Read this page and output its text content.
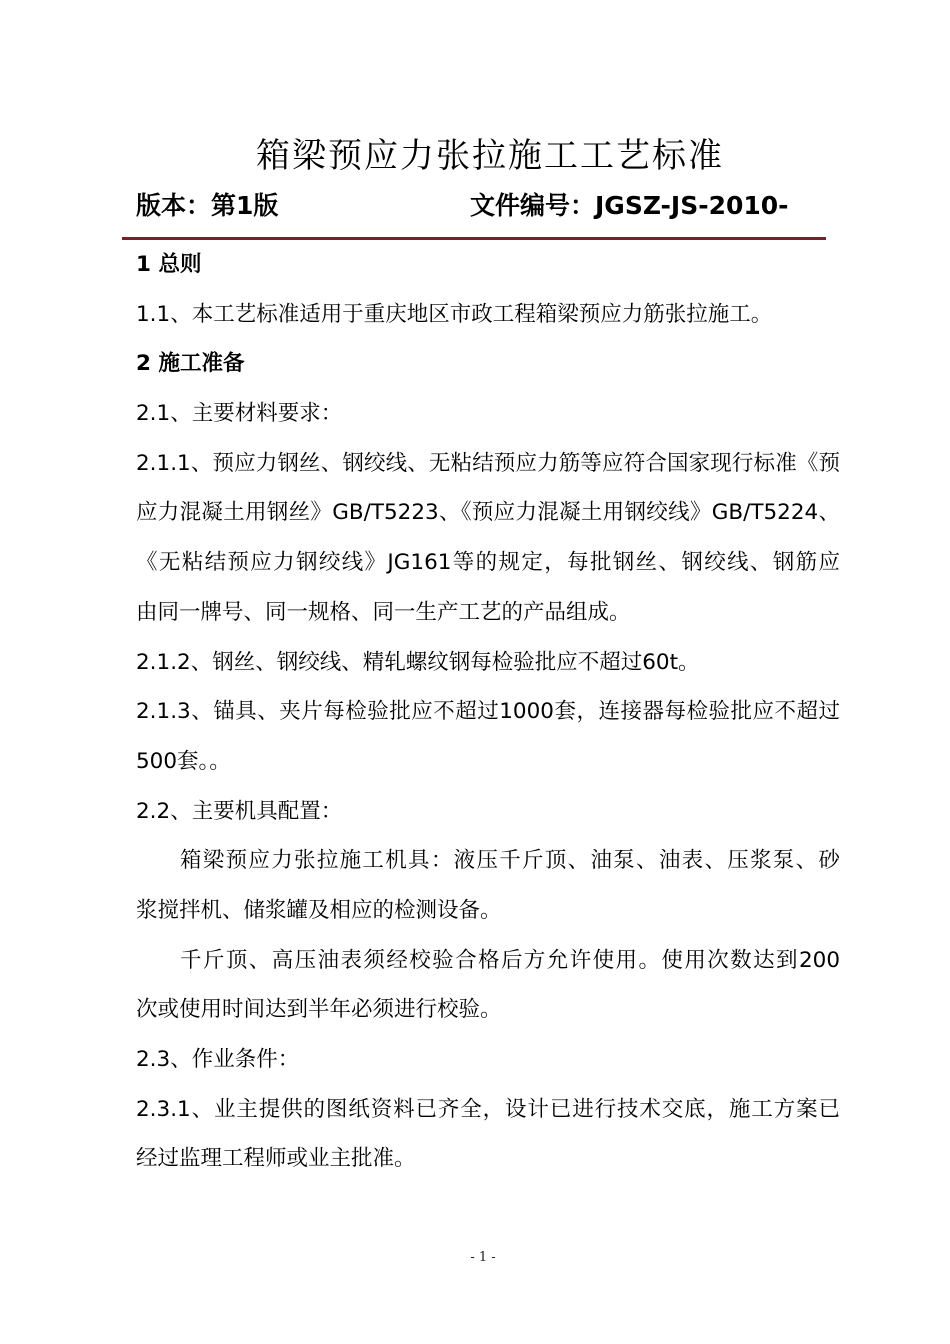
箱梁预应力张拉施工工艺标准
版本：第1版	文件编号：JGSZ-JS-2010-
1 总则
1.1、本工艺标准适用于重庆地区市政工程箱梁预应力筋张拉施工。
2 施工准备
2.1、主要材料要求：
2.1.1、预应力钢丝、钢绞线、无粘结预应力筋等应符合国家现行标准《预
应力混凝土用钢丝》GB/T5223、《预应力混凝土用钢绞线》GB/T5224、
《无粘结预应力钢绞线》JG161等的规定，每批钢丝、钢绞线、钢筋应
由同一牌号、同一规格、同一生产工艺的产品组成。
2.1.2、钢丝、钢绞线、精轧螺纹钢每检验批应不超过60t。
2.1.3、锚具、夹片每检验批应不超过1000套，连接器每检验批应不超过
500套。。
2.2、主要机具配置：
箱梁预应力张拉施工机具：液压千斤顶、油泵、油表、压浆泵、砂
浆搅拌机、储浆罐及相应的检测设备。
千斤顶、高压油表须经校验合格后方允许使用。使用次数达到200
次或使用时间达到半年必须进行校验。
2.3、作业条件：
2.3.1、业主提供的图纸资料已齐全，设计已进行技术交底，施工方案已
经过监理工程师或业主批准。
- 1 -
